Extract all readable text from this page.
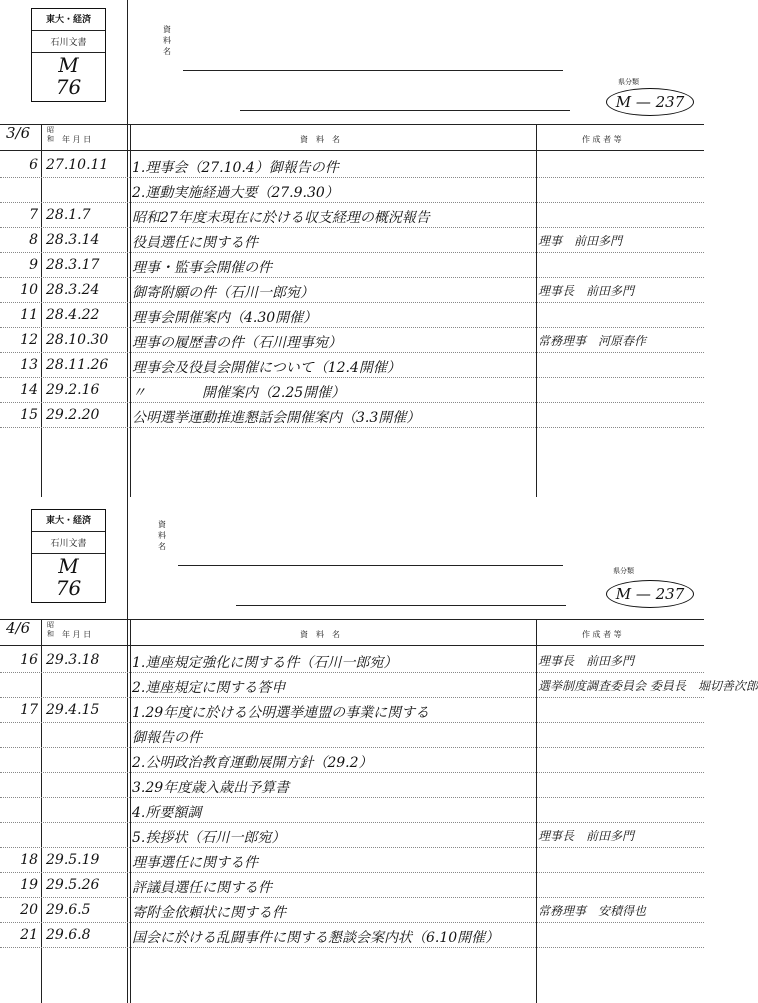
東大・経済
石川文書
M
76
資料名
県分類
M — 237
3/6 昭和	年 月 日	資　料　名	作 成 者 等
6 27.10.11	1.理事会（27.10.4）御報告の件
2.運動実施経過大要（27.9.30）
7 28.1.7	昭和27年度末現在に於ける収支経理の概況報告
8 28.3.14	役員選任に関する件	理事　前田多門
9 28.3.17	理事・監事会開催の件
10 28.3.24	御寄附願の件（石川一郎宛）	理事長　前田多門
11 28.4.22	理事会開催案内（4.30開催）
12 28.10.30	理事の履歴書の件（石川理事宛）	常務理事　河原春作
13 28.11.26	理事会及役員会開催について（12.4開催）
14 29.2.16	〃　　　　開催案内（2.25開催）
15 29.2.20	公明選挙運動推進懇話会開催案内（3.3開催）
東大・経済
石川文書
M
76
資料名
県分類
M — 237
4/6 昭和	年 月 日	資　料　名	作 成 者 等
16 29.3.18	1.連座規定強化に関する件（石川一郎宛）	理事長　前田多門
2.連座規定に関する答申	選挙制度調査委員会 委員長　堀切善次郎
17 29.4.15	1.29年度に於ける公明選挙連盟の事業に関する
御報告の件
2.公明政治教育運動展開方針（29.2）
3.29年度歳入歳出予算書
4.所要額調
5.挨拶状（石川一郎宛）	理事長　前田多門
18 29.5.19	理事選任に関する件
19 29.5.26	評議員選任に関する件
20 29.6.5	寄附金依頼状に関する件	常務理事　安積得也
21 29.6.8	国会に於ける乱闘事件に関する懇談会案内状（6.10開催）
